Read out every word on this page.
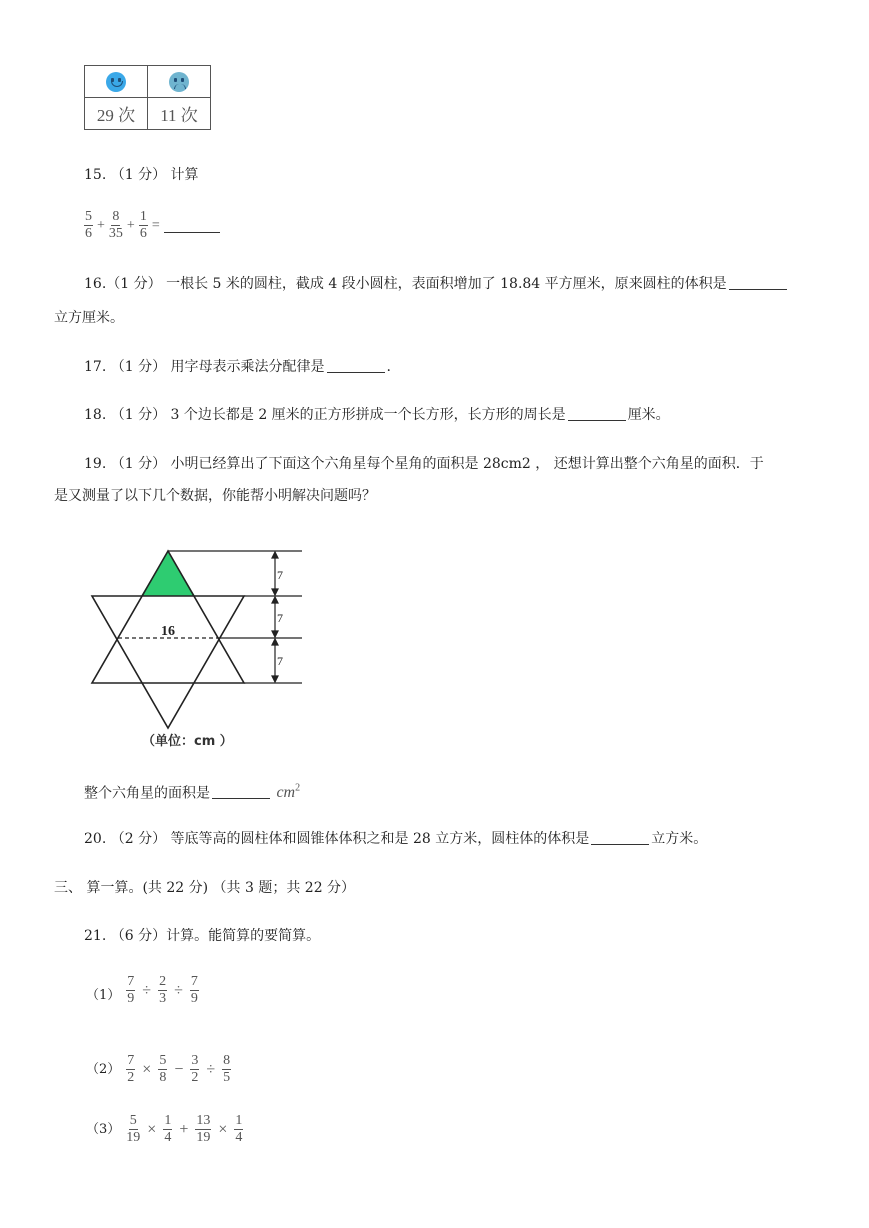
29 次	11 次
15. （1 分） 计算
$\frac{5}{6} + \frac{8}{35} + \frac{1}{6}$ =
16.（1 分） 一根长 5 米的圆柱，截成 4 段小圆柱，表面积增加了 18.84 平方厘米，原来圆柱的体积是
立方厘米。
17. （1 分） 用字母表示乘法分配律是	.
18. （1 分） 3 个边长都是 2 厘米的正方形拼成一个长方形，长方形的周长是	厘米。
19. （1 分） 小明已经算出了下面这个六角星每个星角的面积是 28cm2 ， 还想计算出整个六角星的面积．于
是又测量了以下几个数据，你能帮小明解决问题吗？
16
7
7
7
（单位：cm ）
整个六角星的面积是	$cm^2$
20. （2 分） 等底等高的圆柱体和圆锥体体积之和是 28 立方米，圆柱体的体积是	立方米。
三、 算一算。(共 22 分) （共 3 题；共 22 分）
21. （6 分）计算。能简算的要简算。
$(1) \frac{7}{9} \div \frac{2}{3} \div \frac{7}{9}$
$(2) \frac{7}{2} \times \frac{5}{8} - \frac{3}{2} \div \frac{8}{5}$
$(3) \frac{5}{19} \times \frac{1}{4} + \frac{13}{19} \times \frac{1}{4}$
